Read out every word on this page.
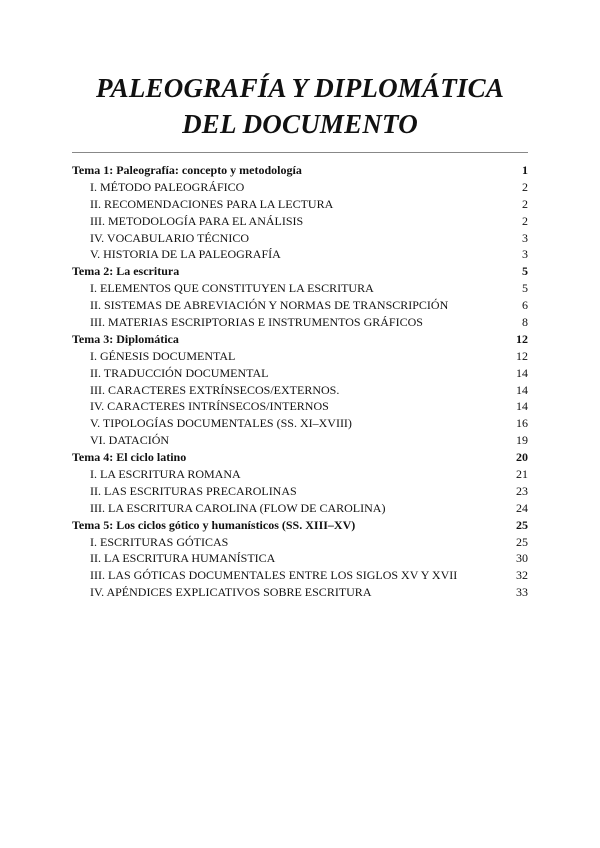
PALEOGRAFÍA Y DIPLOMÁTICA
DEL DOCUMENTO
Tema 1: Paleografía: concepto y metodología	1
I. MÉTODO PALEOGRÁFICO	2
II. RECOMENDACIONES PARA LA LECTURA	2
III. METODOLOGÍA PARA EL ANÁLISIS	2
IV. VOCABULARIO TÉCNICO	3
V. HISTORIA DE LA PALEOGRAFÍA	3
Tema 2: La escritura	5
I. ELEMENTOS QUE CONSTITUYEN LA ESCRITURA	5
II. SISTEMAS DE ABREVIACIÓN Y NORMAS DE TRANSCRIPCIÓN	6
III. MATERIAS ESCRIPTORIAS E INSTRUMENTOS GRÁFICOS	8
Tema 3: Diplomática	12
I. GÉNESIS DOCUMENTAL	12
II. TRADUCCIÓN DOCUMENTAL	14
III. CARACTERES EXTRÍNSECOS/EXTERNOS.	14
IV. CARACTERES INTRÍNSECOS/INTERNOS	14
V. TIPOLOGÍAS DOCUMENTALES (SS. XI–XVIII)	16
VI. DATACIÓN	19
Tema 4: El ciclo latino	20
I. LA ESCRITURA ROMANA	21
II. LAS ESCRITURAS PRECAROLINAS	23
III. LA ESCRITURA CAROLINA (FLOW DE CAROLINA)	24
Tema 5: Los ciclos gótico y humanísticos (SS. XIII–XV)	25
I. ESCRITURAS GÓTICAS	25
II. LA ESCRITURA HUMANÍSTICA	30
III. LAS GÓTICAS DOCUMENTALES ENTRE LOS SIGLOS XV Y XVII	32
IV. APÉNDICES EXPLICATIVOS SOBRE ESCRITURA	33
